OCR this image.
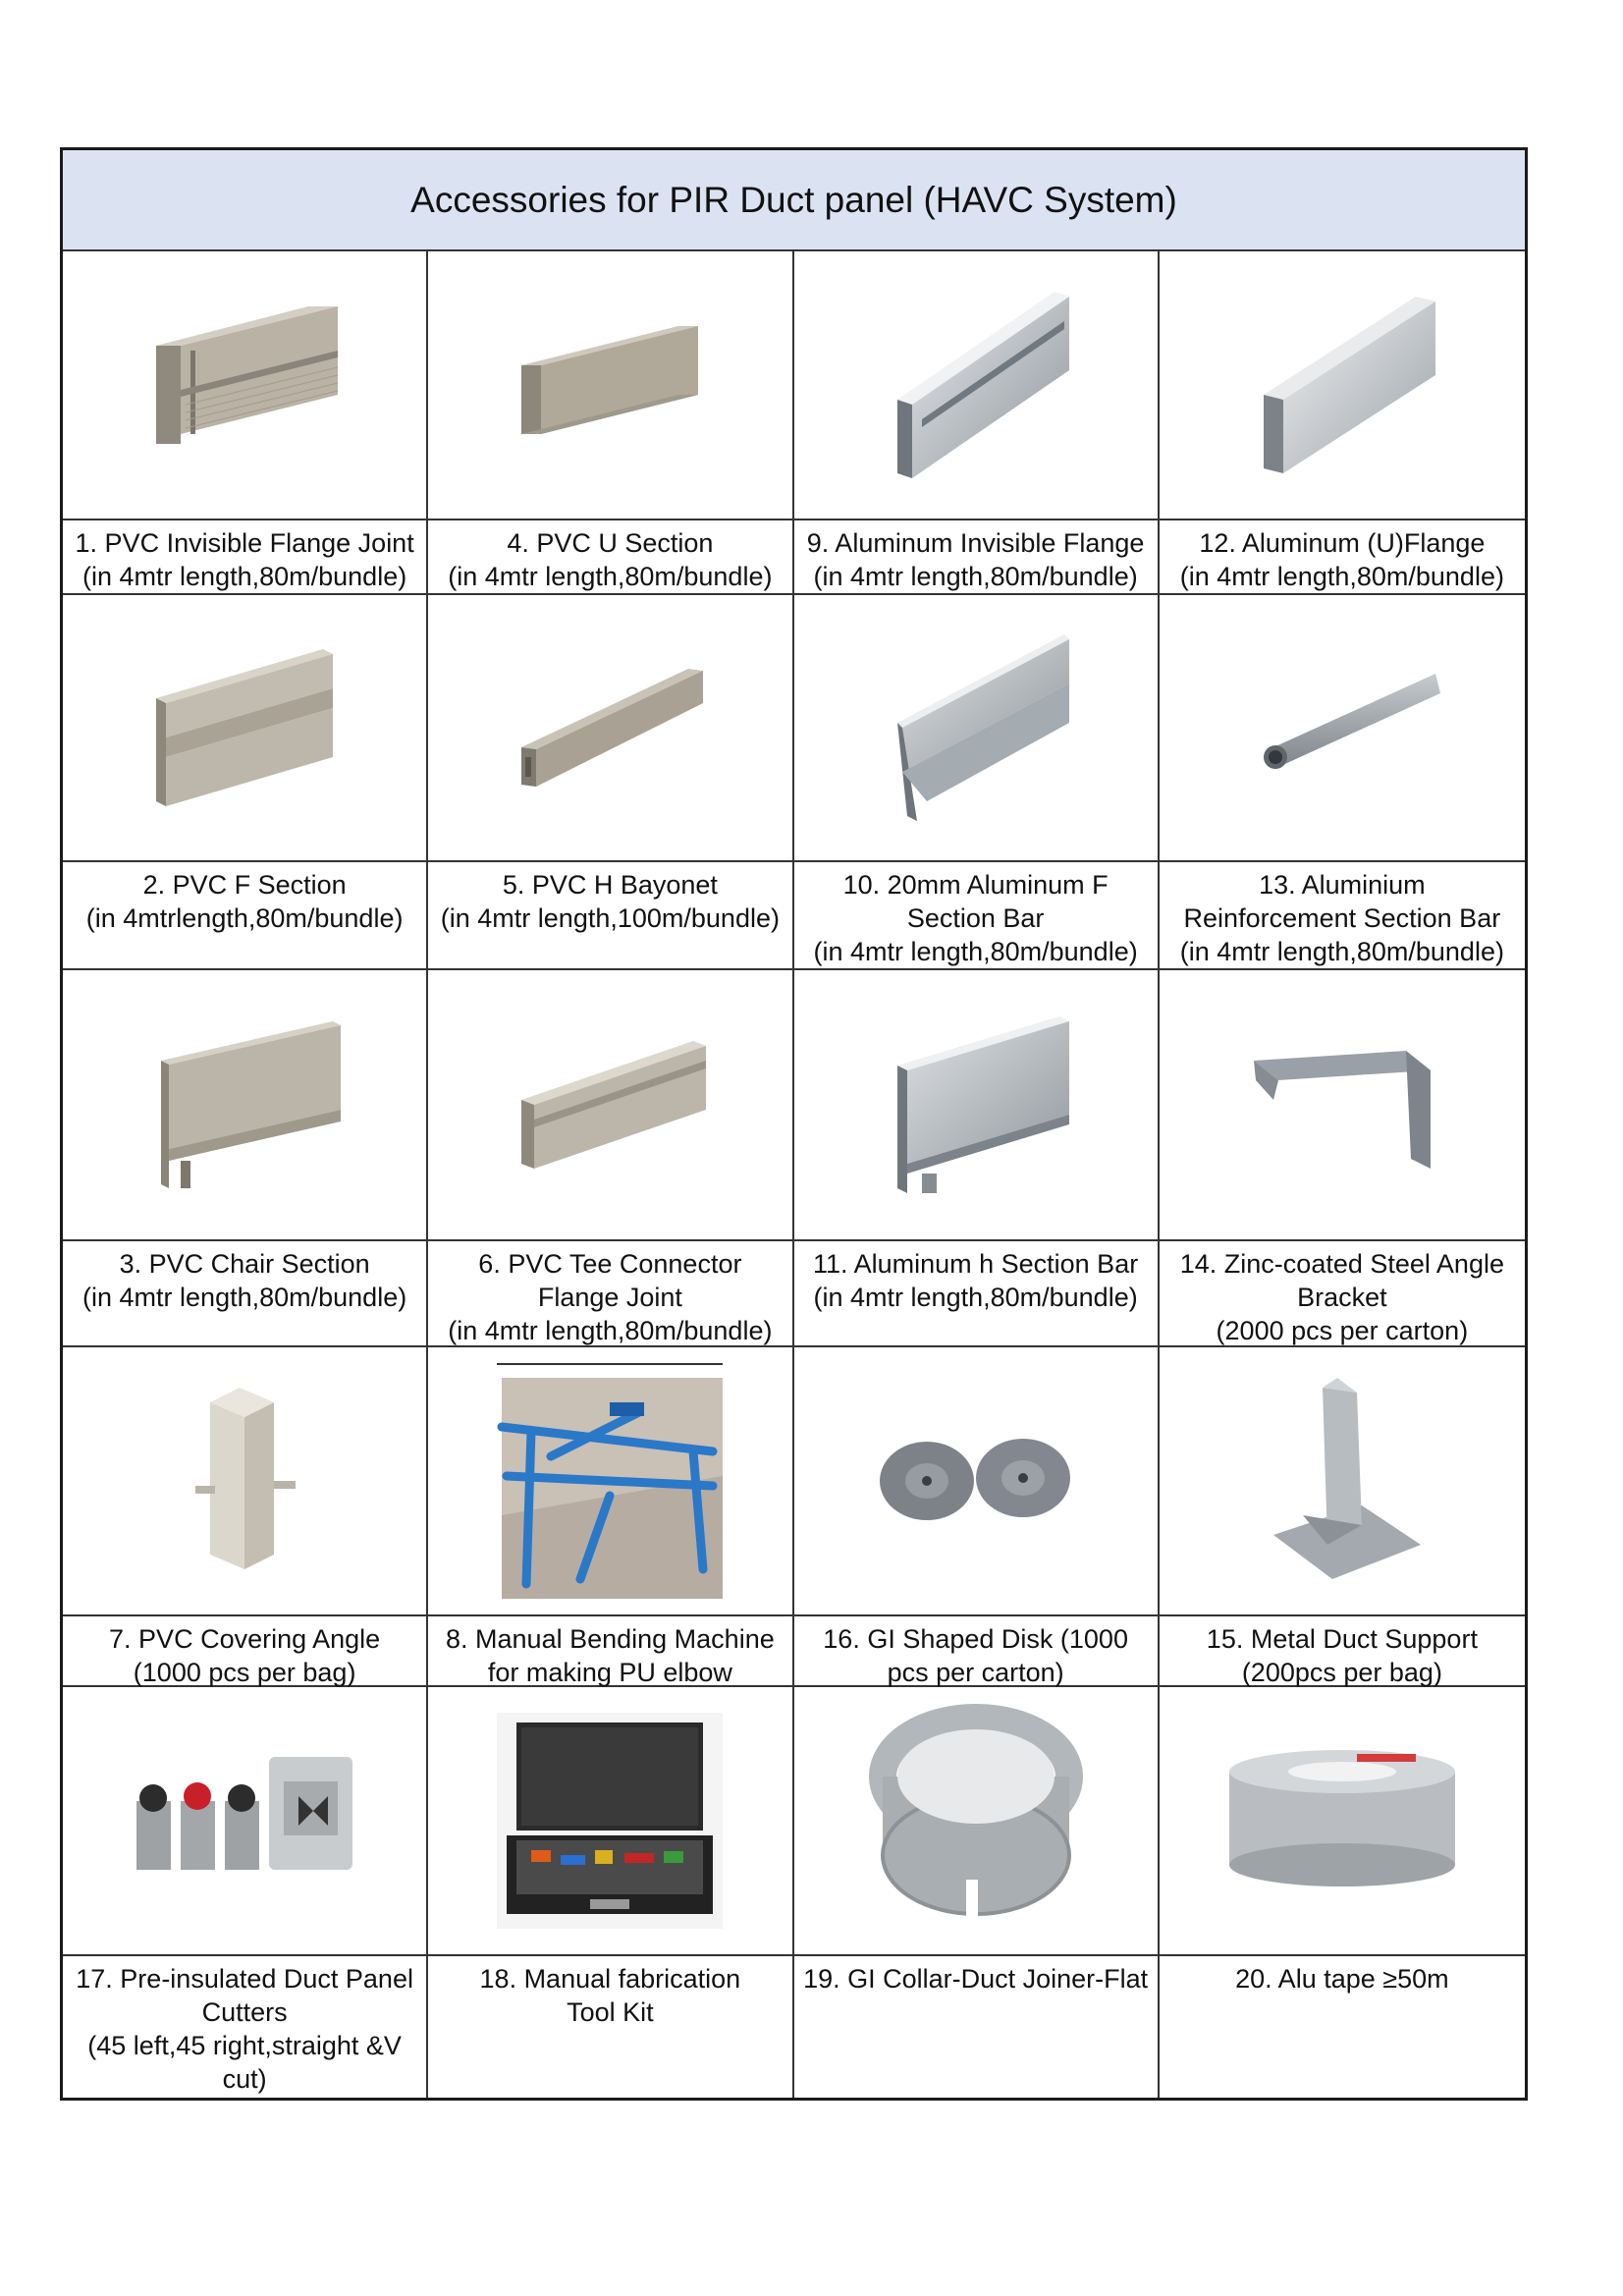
Accessories for PIR Duct panel (HAVC System)
1. PVC Invisible Flange Joint
(in 4mtr length,80m/bundle)
4. PVC U Section
(in 4mtr length,80m/bundle)
9. Aluminum Invisible Flange
(in 4mtr length,80m/bundle)
12. Aluminum (U)Flange
(in 4mtr length,80m/bundle)
2. PVC F Section
(in 4mtrlength,80m/bundle)
5. PVC H Bayonet
(in 4mtr length,100m/bundle)
10. 20mm Aluminum F
Section Bar
(in 4mtr length,80m/bundle)
13. Aluminium
Reinforcement Section Bar
(in 4mtr length,80m/bundle)
3. PVC Chair Section
(in 4mtr length,80m/bundle)
6. PVC Tee Connector
Flange Joint
(in 4mtr length,80m/bundle)
11. Aluminum h Section Bar
(in 4mtr length,80m/bundle)
14. Zinc-coated Steel Angle
Bracket
(2000 pcs per carton)
7. PVC Covering Angle
(1000 pcs per bag)
8. Manual Bending Machine
for making PU elbow
16. GI Shaped Disk (1000
pcs per carton)
15. Metal Duct Support
(200pcs per bag)
17. Pre-insulated Duct Panel
Cutters
(45 left,45 right,straight &V
cut)
18. Manual fabrication
Tool Kit
19. GI Collar-Duct Joiner-Flat	20. Alu tape ≥50m
